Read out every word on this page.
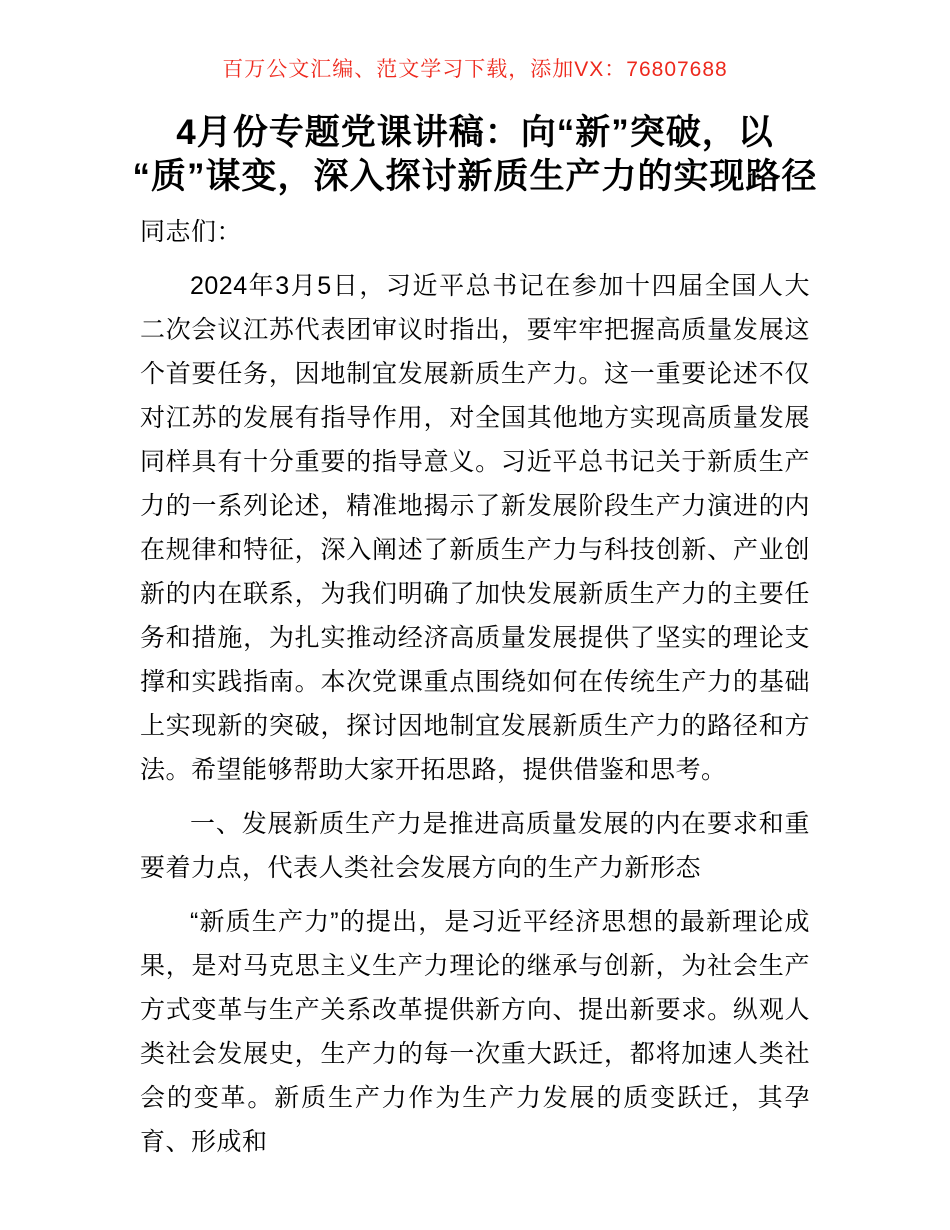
百万公文汇编、范文学习下载，添加VX：76807688
4月份专题党课讲稿：向“新”突破，以
“质”谋变，深入探讨新质生产力的实现路径

同志们：

2024年3月5日，习近平总书记在参加十四届全国人大二次会议江苏代表团审议时指出，要牢牢把握高质量发展这个首要任务，因地制宜发展新质生产力。这一重要论述不仅对江苏的发展有指导作用，对全国其他地方实现高质量发展同样具有十分重要的指导意义。习近平总书记关于新质生产力的一系列论述，精准地揭示了新发展阶段生产力演进的内在规律和特征，深入阐述了新质生产力与科技创新、产业创新的内在联系，为我们明确了加快发展新质生产力的主要任务和措施，为扎实推动经济高质量发展提供了坚实的理论支撑和实践指南。本次党课重点围绕如何在传统生产力的基础上实现新的突破，探讨因地制宜发展新质生产力的路径和方法。希望能够帮助大家开拓思路，提供借鉴和思考。

一、发展新质生产力是推进高质量发展的内在要求和重要着力点，代表人类社会发展方向的生产力新形态

“新质生产力”的提出，是习近平经济思想的最新理论成果，是对马克思主义生产力理论的继承与创新，为社会生产方式变革与生产关系改革提供新方向、提出新要求。纵观人类社会发展史，生产力的每一次重大跃迁，都将加速人类社会的变革。新质生产力作为生产力发展的质变跃迁，其孕育、形成和
